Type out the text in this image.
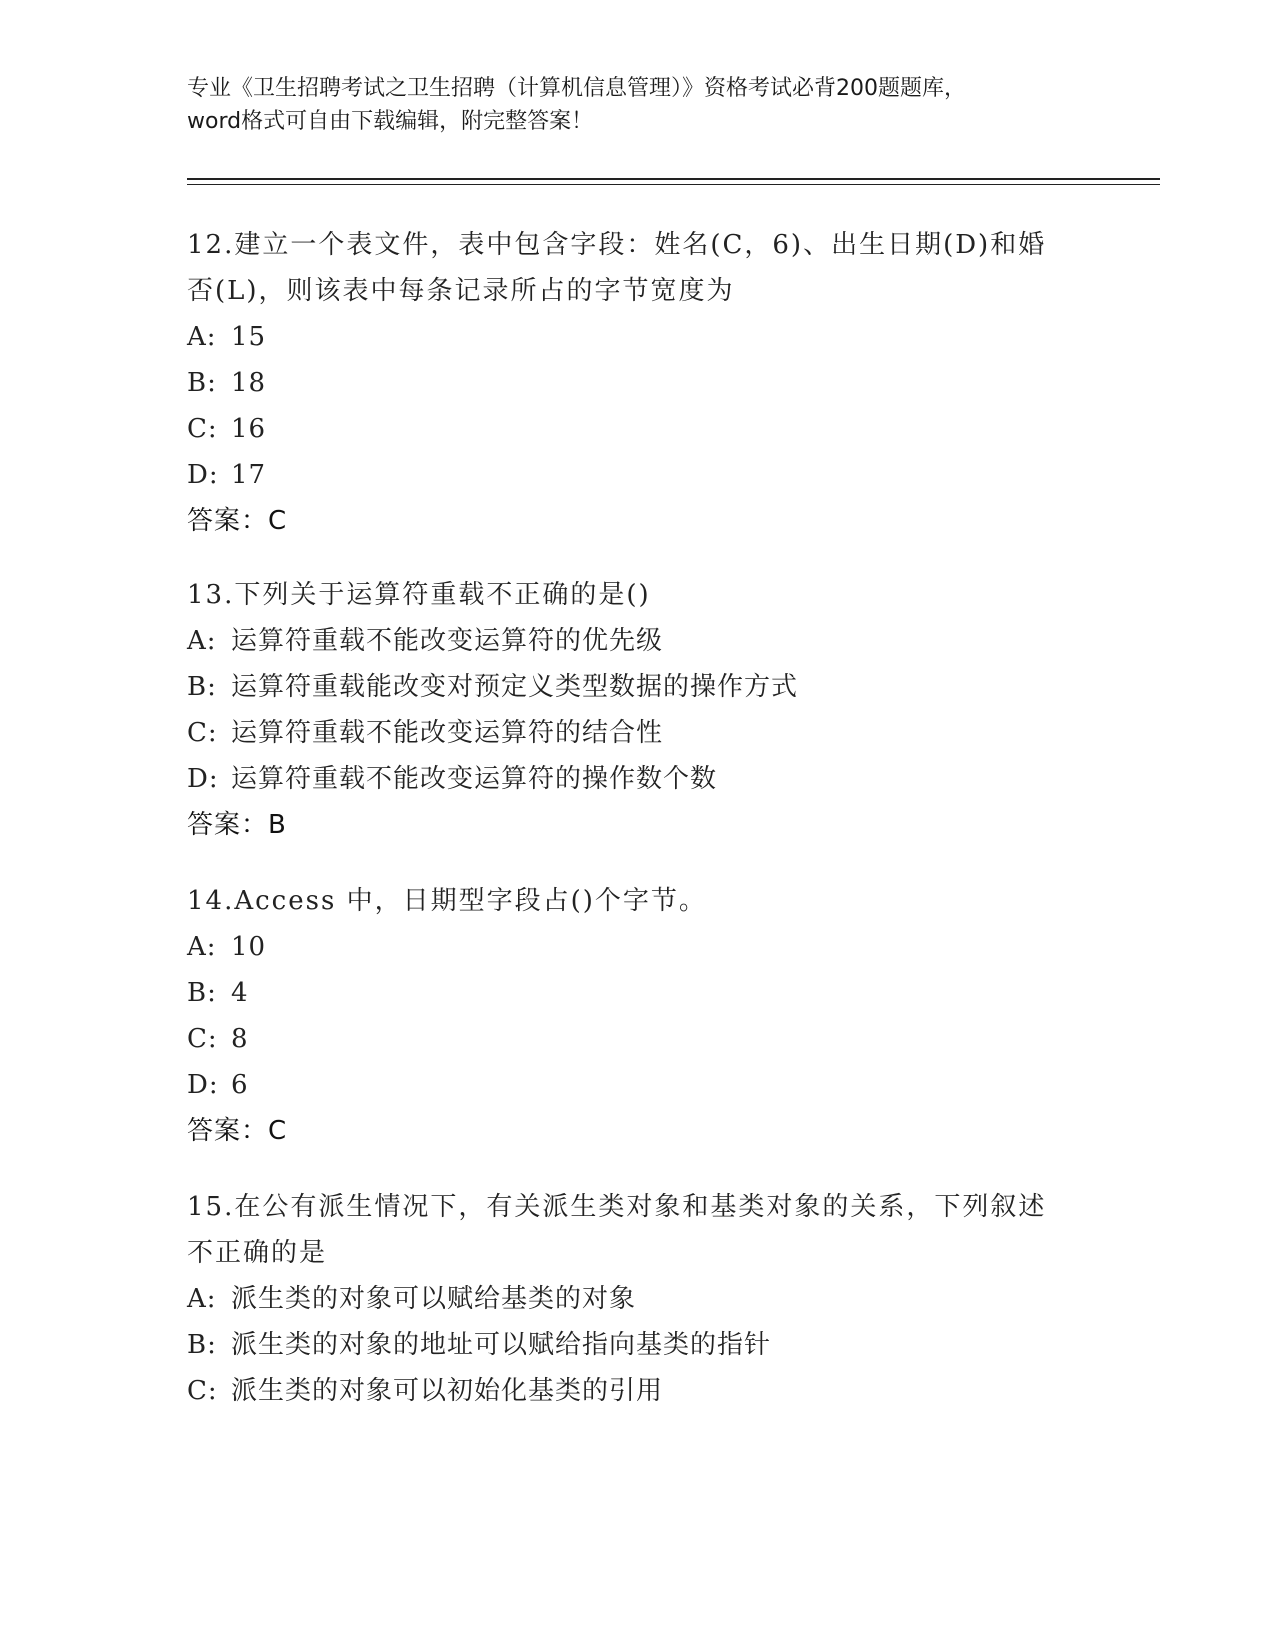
专业《卫生招聘考试之卫生招聘（计算机信息管理）》资格考试必背200题题库，
word格式可自由下载编辑，附完整答案！
12.建立一个表文件，表中包含字段：姓名(C，6)、出生日期(D)和婚
否(L)，则该表中每条记录所占的字节宽度为
A: 15
B: 18
C: 16
D: 17
答案：C
13.下列关于运算符重载不正确的是()
A: 运算符重载不能改变运算符的优先级
B: 运算符重载能改变对预定义类型数据的操作方式
C: 运算符重载不能改变运算符的结合性
D: 运算符重载不能改变运算符的操作数个数
答案：B
14.Access 中，日期型字段占()个字节。
A: 10
B: 4
C: 8
D: 6
答案：C
15.在公有派生情况下，有关派生类对象和基类对象的关系，下列叙述
不正确的是
A: 派生类的对象可以赋给基类的对象
B: 派生类的对象的地址可以赋给指向基类的指针
C: 派生类的对象可以初始化基类的引用
